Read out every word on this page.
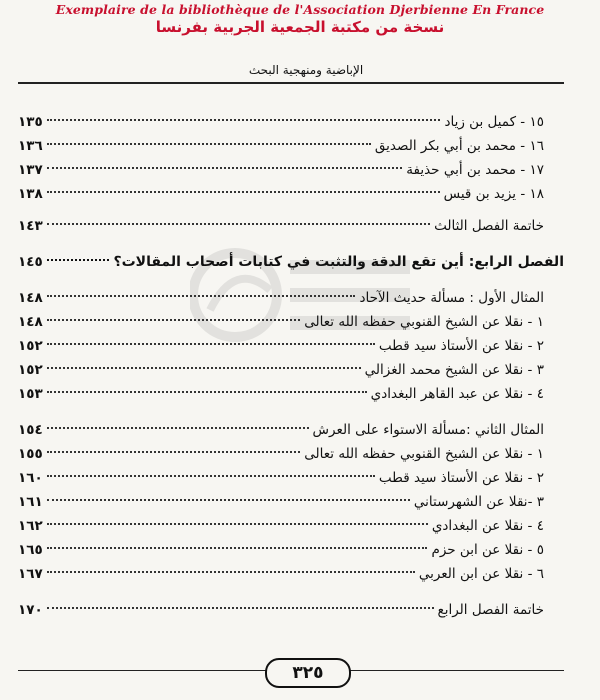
Exemplaire de la bibliothèque de l'Association Djerbienne En France
نسخة من مكتبة الجمعية الجربية بفرنسا
الإباضية ومنهجية البحث
١٥ - كميل بن زياد
١٣٥
١٦ - محمد بن أبي بكر الصديق
١٣٦
١٧ - محمد بن أبي حذيفة
١٣٧
١٨ - يزيد بن قيس
١٣٨
خاتمة الفصل الثالث
١٤٣
الفصل الرابع: أين تقع الدقة والتثبت في كتابات أصحاب المقالات؟
١٤٥
المثال الأول : مسألة حديث الآحاد
١٤٨
١ - نقلا عن الشيخ القنوبي حفظه الله تعالى
١٤٨
٢ - نقلا عن الأستاذ سيد قطب
١٥٢
٣ - نقلا عن الشيخ محمد الغزالي
١٥٢
٤ - نقلا عن عبد القاهر البغدادي
١٥٣
المثال الثاني :مسألة الاستواء على العرش
١٥٤
١ - نقلا عن الشيخ القنوبي حفظه الله تعالى
١٥٥
٢ - نقلا عن الأستاذ سيد قطب
١٦٠
٣ -نقلا عن الشهرستاني
١٦١
٤ - نقلا عن البغدادي
١٦٢
٥ - نقلا عن ابن حزم
١٦٥
٦ - نقلا عن ابن العربي
١٦٧
خاتمة الفصل الرابع
١٧٠
٣٢٥
